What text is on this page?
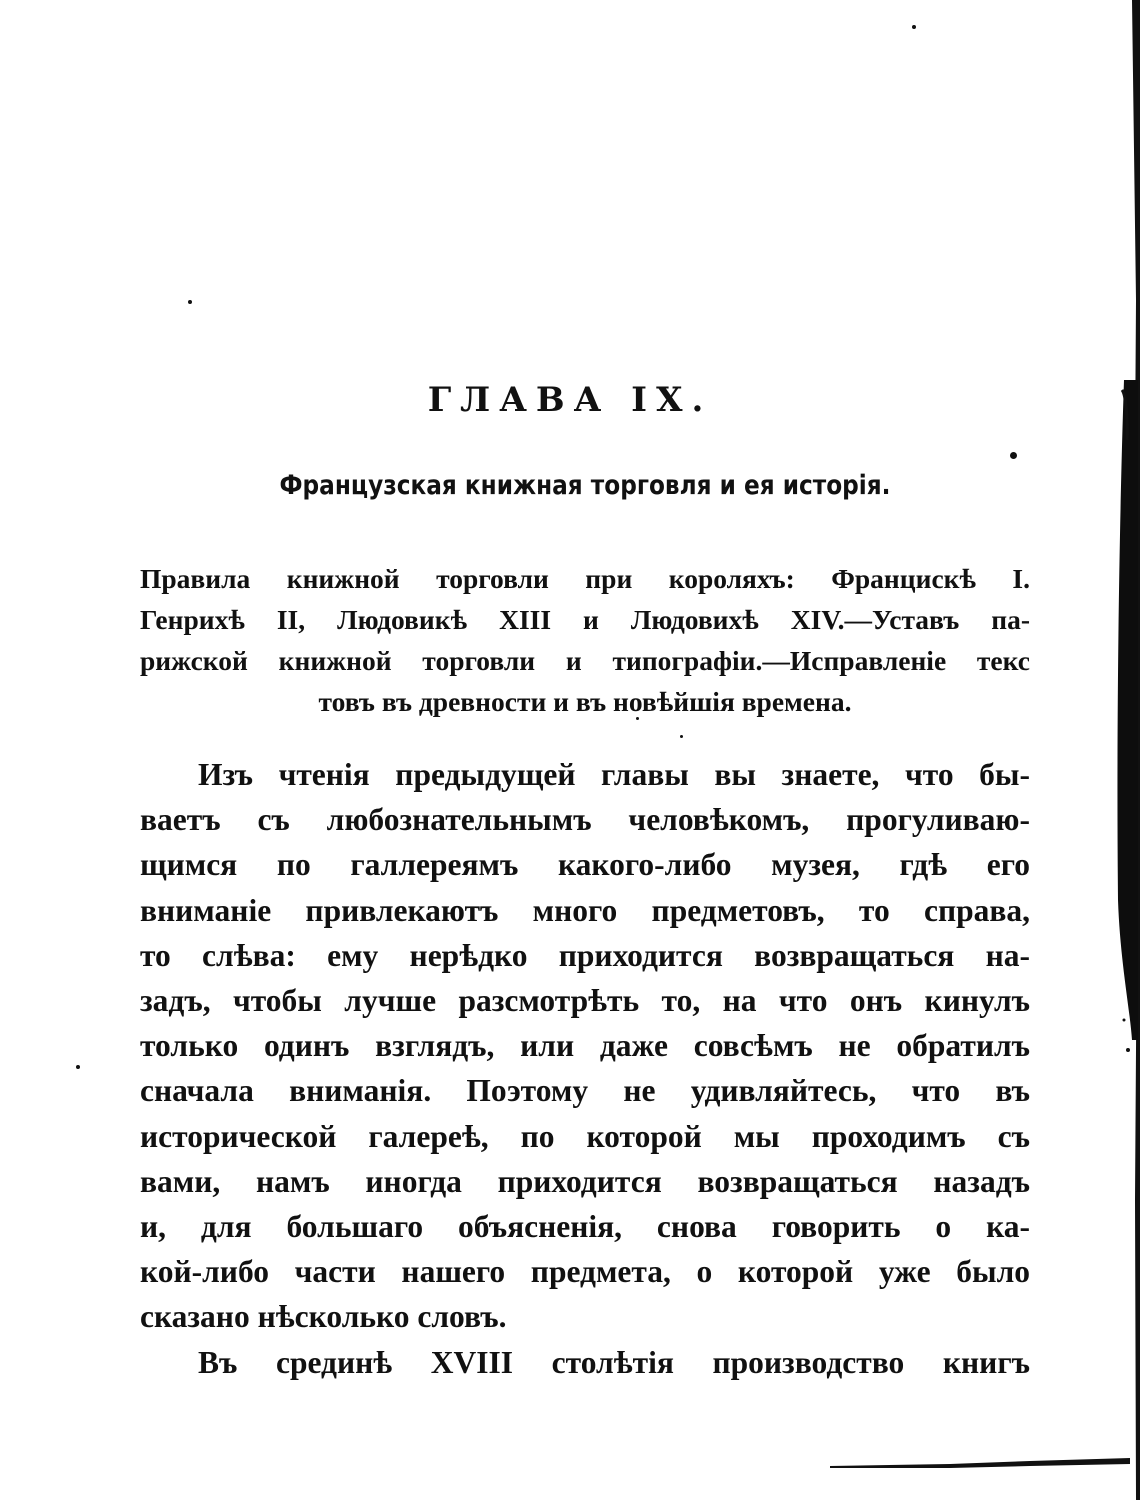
ГЛАВА IX.
Французская книжная торговля и ея исторія.
Правила книжной торговли при короляхъ: Францискѣ I.
Генрихѣ II, Людовикѣ XIII и Людовихѣ XIV.—Уставъ па-
рижской книжной торговли и типографіи.—Исправленіе текс
товъ въ древности и въ новѣйшія времена.
Изъ чтенія предыдущей главы вы знаете, что бы-
ваетъ съ любознательнымъ человѣкомъ, прогуливаю-
щимся по галлереямъ какого-либо музея, гдѣ его
вниманіе привлекаютъ много предметовъ, то справа,
то слѣва: ему нерѣдко приходится возвращаться на-
задъ, чтобы лучше разсмотрѣть то, на что онъ кинулъ
только одинъ взглядъ, или даже совсѣмъ не обратилъ
сначала вниманія. Поэтому не удивляйтесь, что въ
исторической галереѣ, по которой мы проходимъ съ
вами, намъ иногда приходится возвращаться назадъ
и, для большаго объясненія, снова говорить о ка-
кой-либо части нашего предмета, о которой уже было
сказано нѣсколько словъ.
Въ срединѣ XVIII столѣтія производство книгъ
